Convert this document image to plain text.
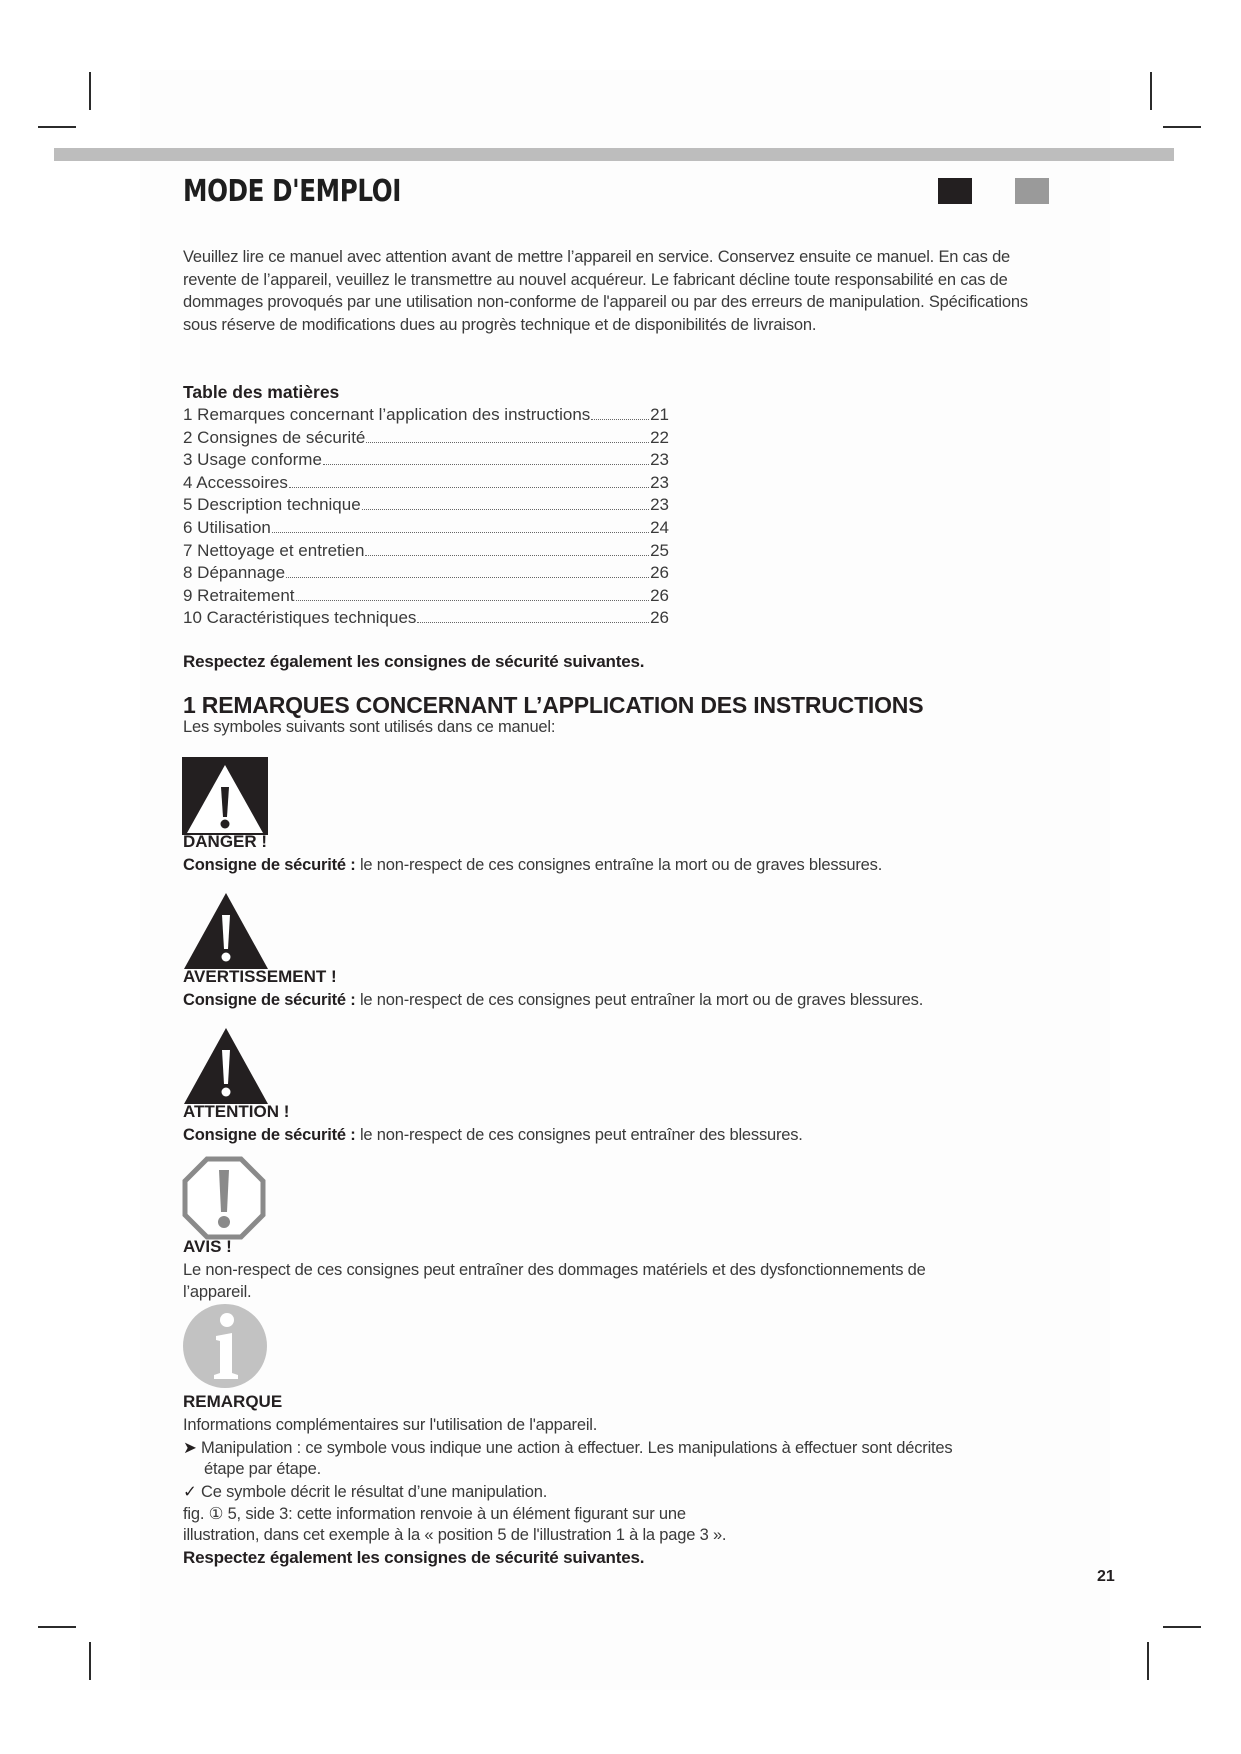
MODE D'EMPLOI

Veuillez lire ce manuel avec attention avant de mettre l’appareil en service. Conservez ensuite ce manuel. En cas de revente de l’appareil, veuillez le transmettre au nouvel acquéreur. Le fabricant décline toute responsabilité en cas de dommages provoqués par une utilisation non-conforme de l'appareil ou par des erreurs de manipulation. Spécifications sous réserve de modifications dues au progrès technique et de disponibilités de livraison.

Table des matières
1 Remarques concernant l’application des instructions	21
2 Consignes de sécurité	22
3 Usage conforme	23
4 Accessoires	23
5 Description technique	23
6 Utilisation	24
7 Nettoyage et entretien	25
8 Dépannage	26
9 Retraitement	26
10 Caractéristiques techniques	26

Respectez également les consignes de sécurité suivantes.

1 REMARQUES CONCERNANT L’APPLICATION DES INSTRUCTIONS

Les symboles suivants sont utilisés dans ce manuel:

DANGER !

Consigne de sécurité : le non-respect de ces consignes entraîne la mort ou de graves blessures.

AVERTISSEMENT !

Consigne de sécurité : le non-respect de ces consignes peut entraîner la mort ou de graves blessures.

ATTENTION !

Consigne de sécurité : le non-respect de ces consignes peut entraîner des blessures.

AVIS !

Le non-respect de ces consignes peut entraîner des dommages matériels et des dysfonctionnements de

l’appareil.

REMARQUE

Informations complémentaires sur l'utilisation de l'appareil.

➤ Manipulation : ce symbole vous indique une action à effectuer. Les manipulations à effectuer sont décrites

étape par étape.

✓ Ce symbole décrit le résultat d’une manipulation.

fig. ① 5, side 3: cette information renvoie à un élément figurant sur une

illustration, dans cet exemple à la « position 5 de l'illustration 1 à la page 3 ».

Respectez également les consignes de sécurité suivantes.

21
